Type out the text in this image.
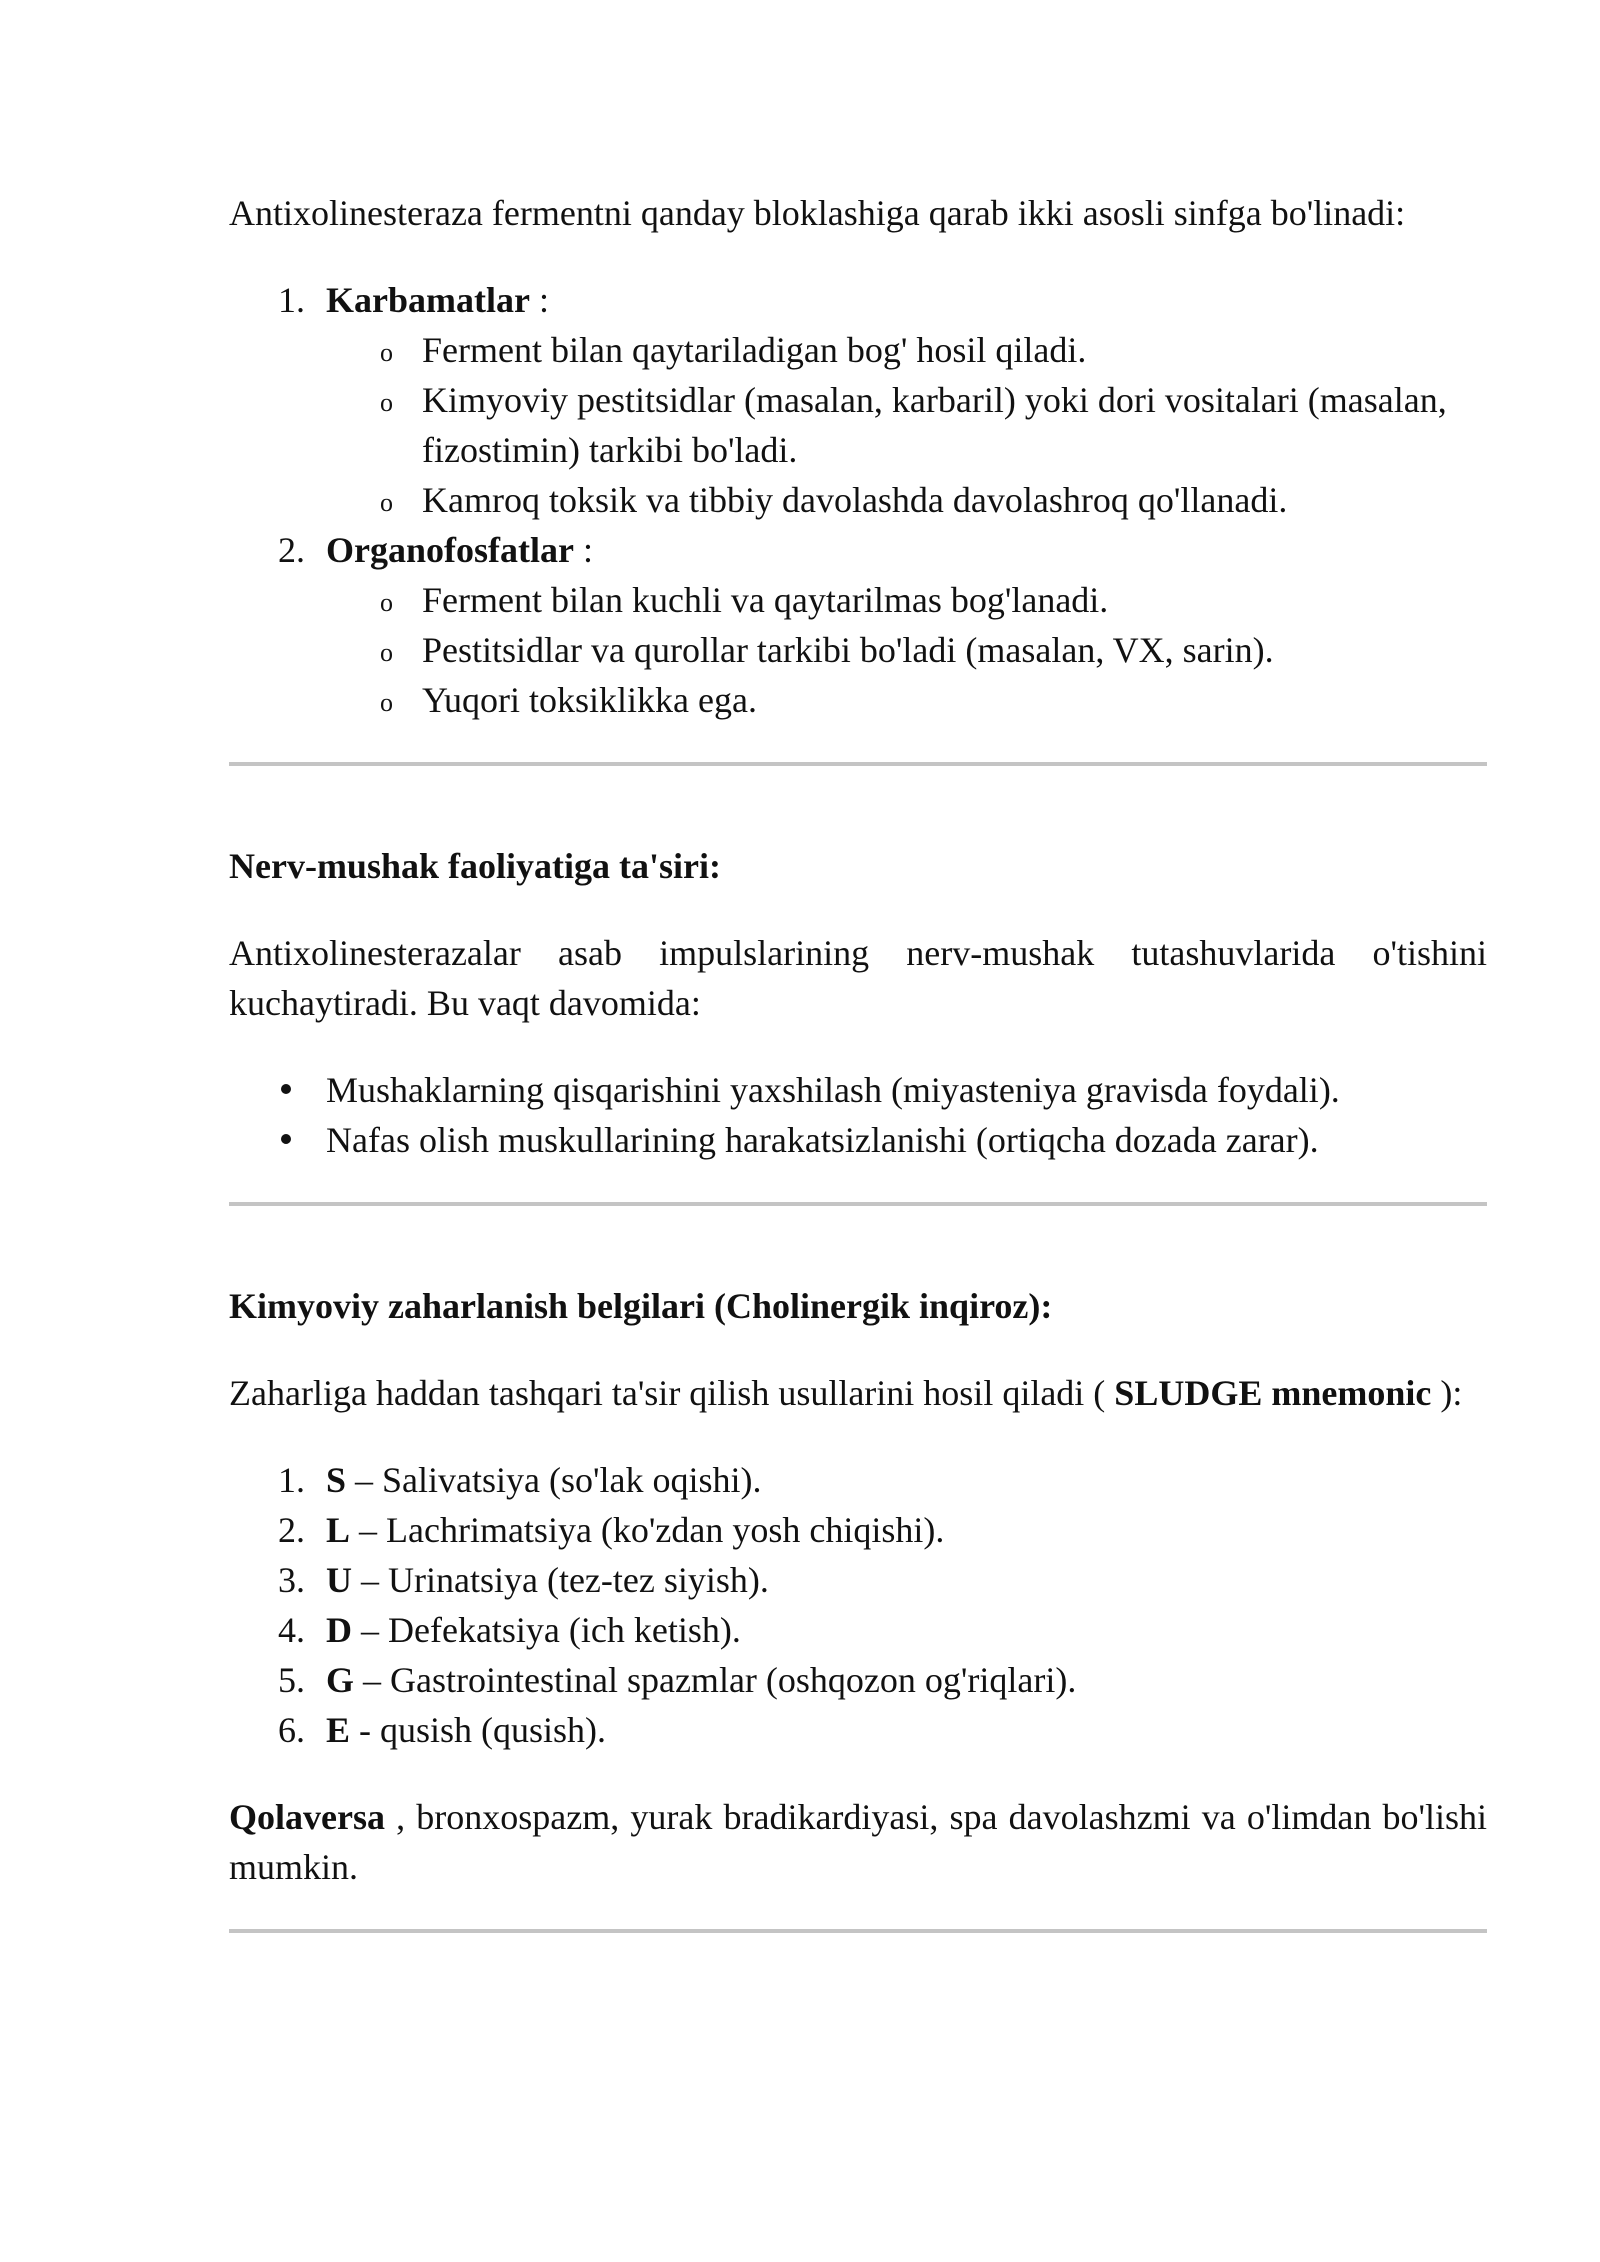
Antixolinesteraza fermentni qanday bloklashiga qarab ikki asosli sinfga bo'linadi:

1. Karbamatlar :
o Ferment bilan qaytariladigan bog' hosil qiladi.
o Kimyoviy pestitsidlar (masalan, karbaril) yoki dori vositalari (masalan, fizostimin) tarkibi bo'ladi.
o Kamroq toksik va tibbiy davolashda davolashroq qo'llanadi.
2. Organofosfatlar :
o Ferment bilan kuchli va qaytarilmas bog'lanadi.
o Pestitsidlar va qurollar tarkibi bo'ladi (masalan, VX, sarin).
o Yuqori toksiklikka ega.

Nerv-mushak faoliyatiga ta'siri:

Antixolinesterazalar asab impulslarining nerv-mushak tutashuvlarida o'tishini kuchaytiradi. Bu vaqt davomida:

Mushaklarning qisqarishini yaxshilash (miyasteniya gravisda foydali).
Nafas olish muskullarining harakatsizlanishi (ortiqcha dozada zarar).

Kimyoviy zaharlanish belgilari (Cholinergik inqiroz):

Zaharliga haddan tashqari ta'sir qilish usullarini hosil qiladi ( SLUDGE mnemonic ):

1. S – Salivatsiya (so'lak oqishi).
2. L – Lachrimatsiya (ko'zdan yosh chiqishi).
3. U – Urinatsiya (tez-tez siyish).
4. D – Defekatsiya (ich ketish).
5. G – Gastrointestinal spazmlar (oshqozon og'riqlari).
6. E - qusish (qusish).

Qolaversa , bronxospazm, yurak bradikardiyasi, spa davolashzmi va o'limdan bo'lishi mumkin.
